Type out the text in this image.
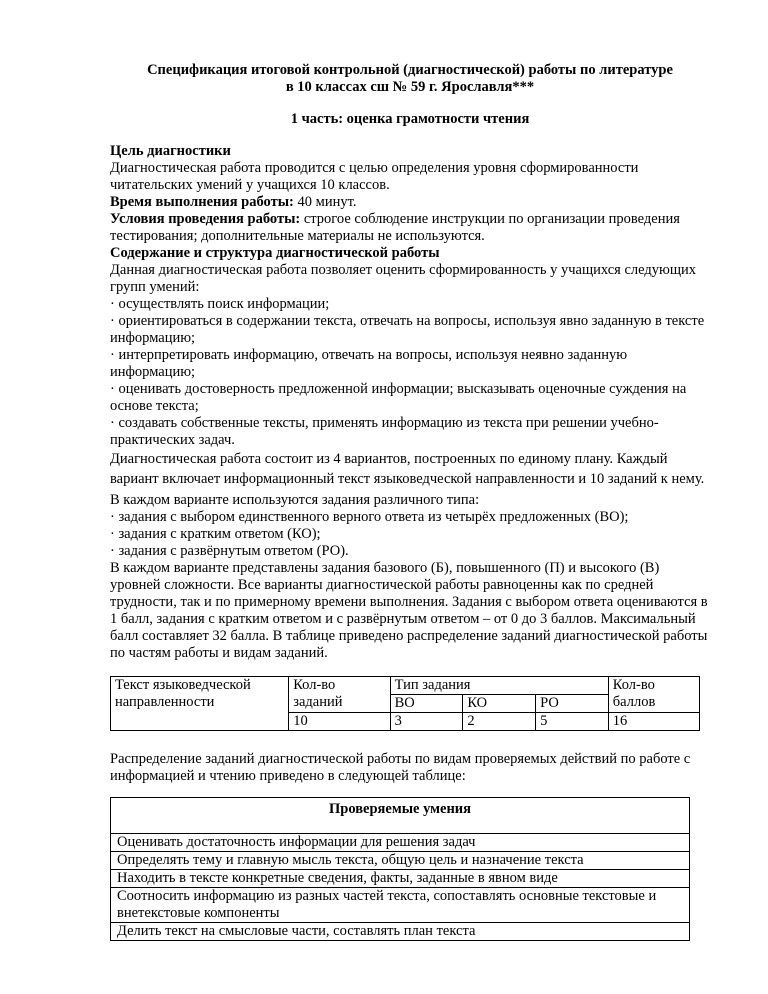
Спецификация итоговой контрольной (диагностической) работы по литературе
в 10 классах сш № 59 г. Ярославля***
1 часть: оценка грамотности чтения

Цель диагностики

Диагностическая работа проводится с целью определения уровня сформированности читательских умений у учащихся 10 классов.

Время выполнения работы: 40 минут.

Условия проведения работы: строгое соблюдение инструкции по организации проведения тестирования; дополнительные материалы не используются.

Содержание и структура диагностической работы

Данная диагностическая работа позволяет оценить сформированность у учащихся следующих групп умений:

· осуществлять поиск информации;

· ориентироваться в содержании текста, отвечать на вопросы, используя явно заданную в тексте информацию;

· интерпретировать информацию, отвечать на вопросы, используя неявно заданную информацию;

· оценивать достоверность предложенной информации; высказывать оценочные суждения на основе текста;

· создавать собственные тексты, применять информацию из текста при решении учебно-практических задач.

Диагностическая работа состоит из 4 вариантов, построенных по единому плану. Каждый вариант включает информационный текст языковедческой направленности и 10 заданий к нему.

В каждом варианте используются задания различного типа:

· задания с выбором единственного верного ответа из четырёх предложенных (ВО);

· задания с кратким ответом (КО);

· задания с развёрнутым ответом (РО).

В каждом варианте представлены задания базового (Б), повышенного (П) и высокого (В) уровней сложности. Все варианты диагностической работы равноценны как по средней трудности, так и по примерному времени выполнения. Задания с выбором ответа оцениваются в 1 балл, задания с кратким ответом и с развёрнутым ответом – от 0 до 3 баллов. Максимальный балл составляет 32 балла. В таблице приведено распределение заданий диагностической работы по частям работы и видам заданий.

Текст языковедческой направленности	Кол-во заданий	Тип задания			Кол-во баллов
		ВО	КО	РО	
	10	3	2	5	16

Распределение заданий диагностической работы по видам проверяемых действий по работе с информацией и чтению приведено в следующей таблице:

Проверяемые умения
Оценивать достаточность информации для решения задач
Определять тему и главную мысль текста, общую цель и назначение текста
Находить в тексте конкретные сведения, факты, заданные в явном виде
Соотносить информацию из разных частей текста, сопоставлять основные текстовые и внетекстовые компоненты
Делить текст на смысловые части, составлять план текста
